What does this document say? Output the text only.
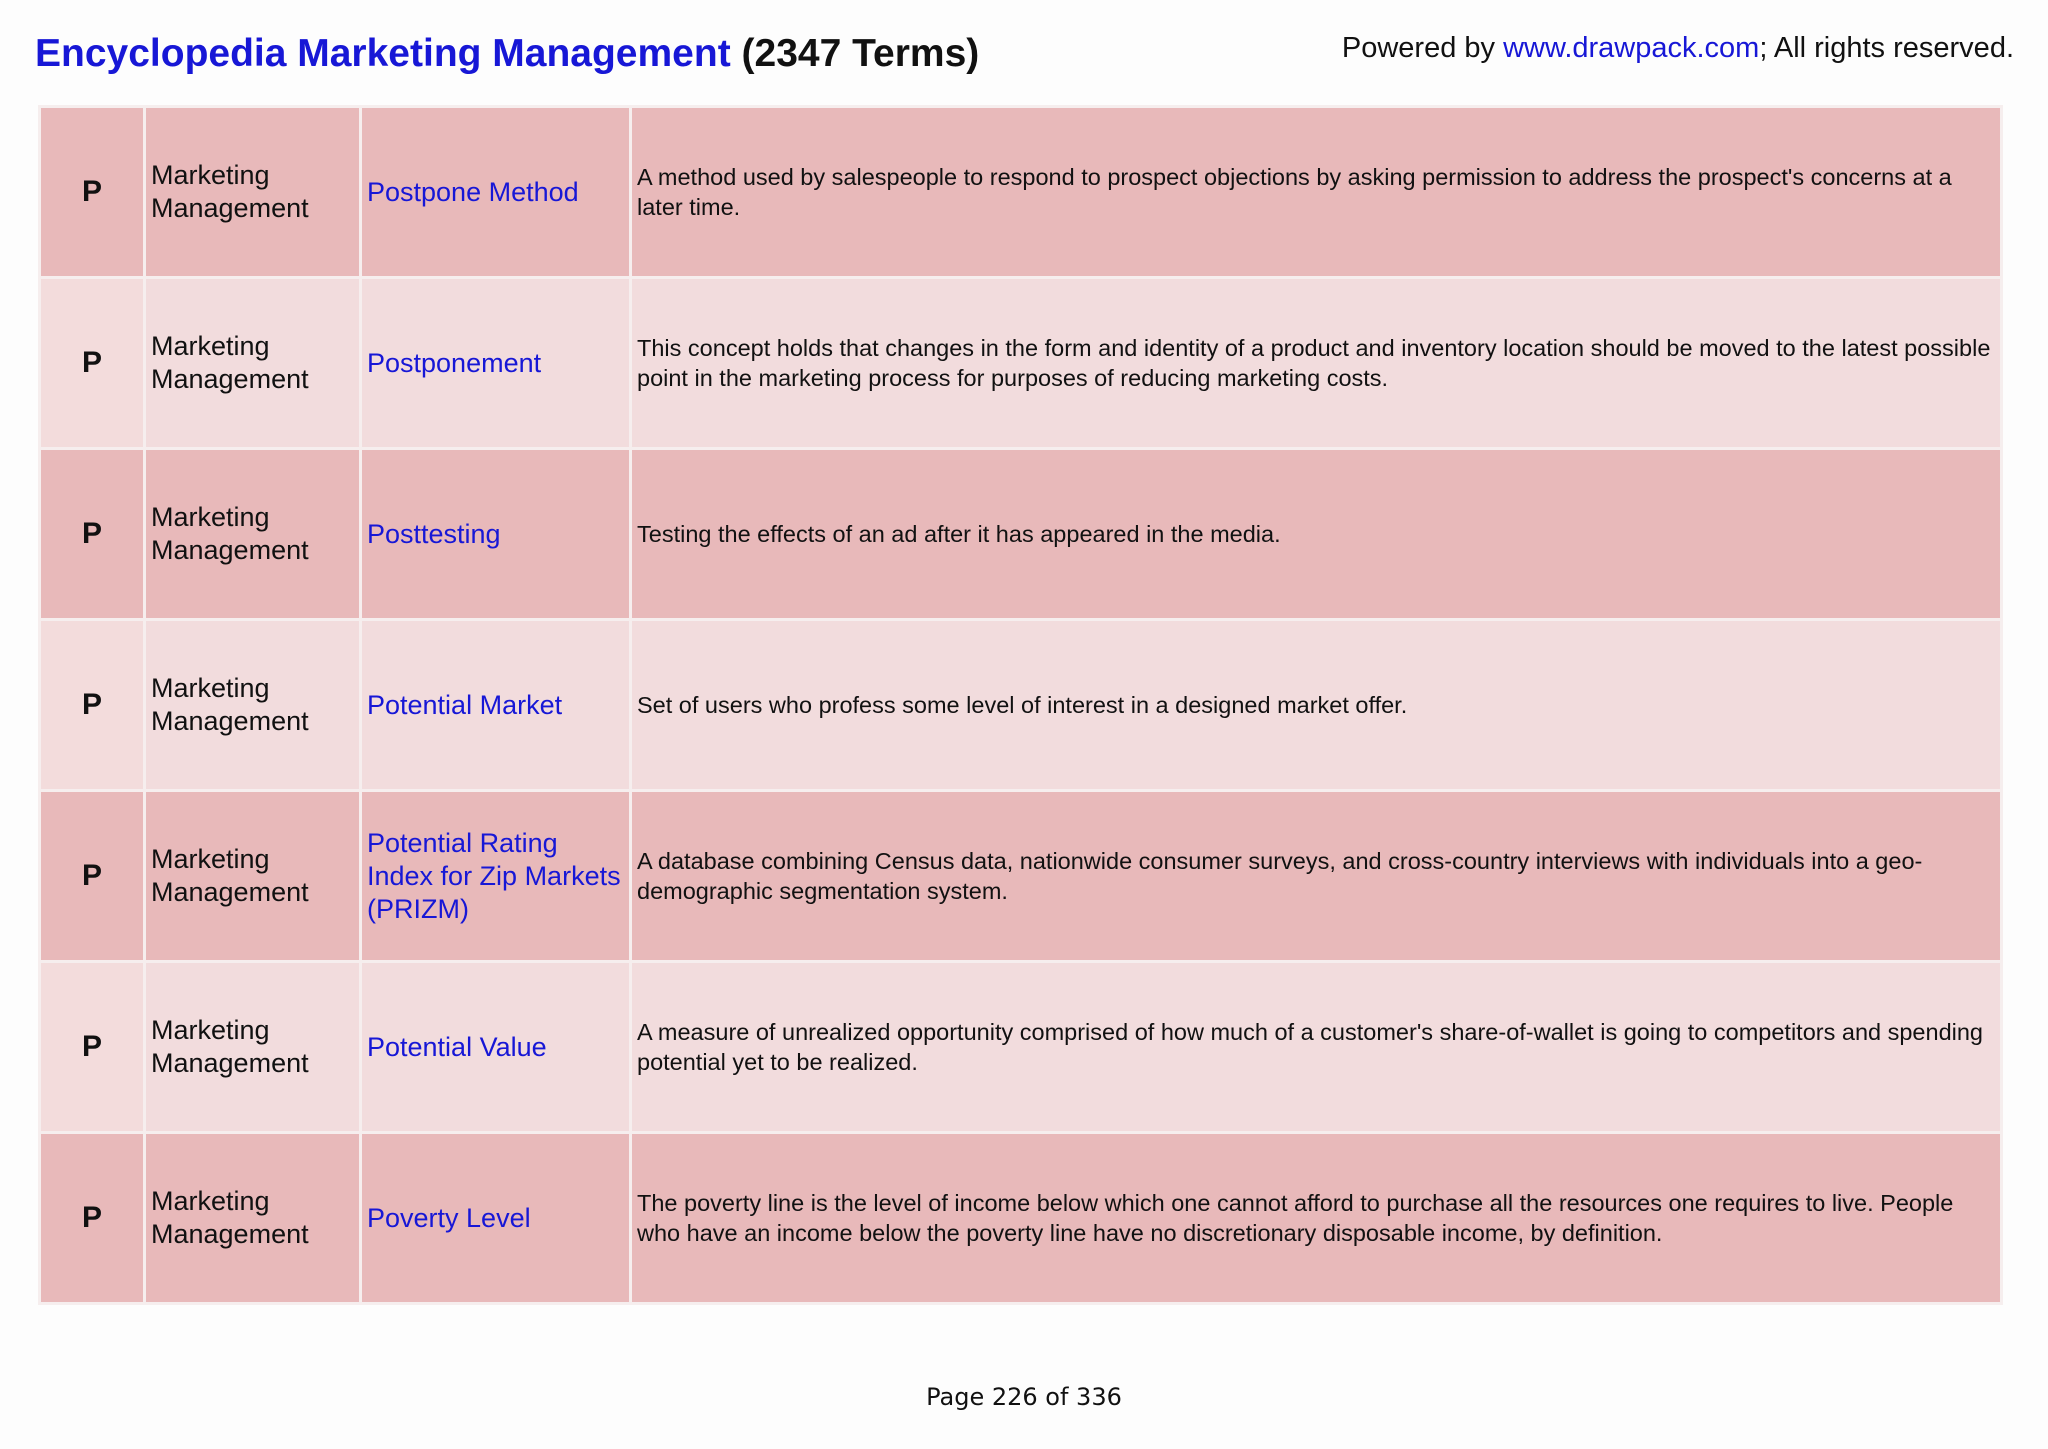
Encyclopedia Marketing Management (2347 Terms)	Powered by www.drawpack.com; All rights reserved.
P	Marketing Management	Postpone Method	A method used by salespeople to respond to prospect objections by asking permission to address the prospect's concerns at a later time.
P	Marketing Management	Postponement	This concept holds that changes in the form and identity of a product and inventory location should be moved to the latest possible point in the marketing process for purposes of reducing marketing costs.
P	Marketing Management	Posttesting	Testing the effects of an ad after it has appeared in the media.
P	Marketing Management	Potential Market	Set of users who profess some level of interest in a designed market offer.
P	Marketing Management	Potential Rating Index for Zip Markets (PRIZM)	A database combining Census data, nationwide consumer surveys, and cross-country interviews with individuals into a geo-demographic segmentation system.
P	Marketing Management	Potential Value	A measure of unrealized opportunity comprised of how much of a customer's share-of-wallet is going to competitors and spending potential yet to be realized.
P	Marketing Management	Poverty Level	The poverty line is the level of income below which one cannot afford to purchase all the resources one requires to live. People who have an income below the poverty line have no discretionary disposable income, by definition.
Page 226 of 336
